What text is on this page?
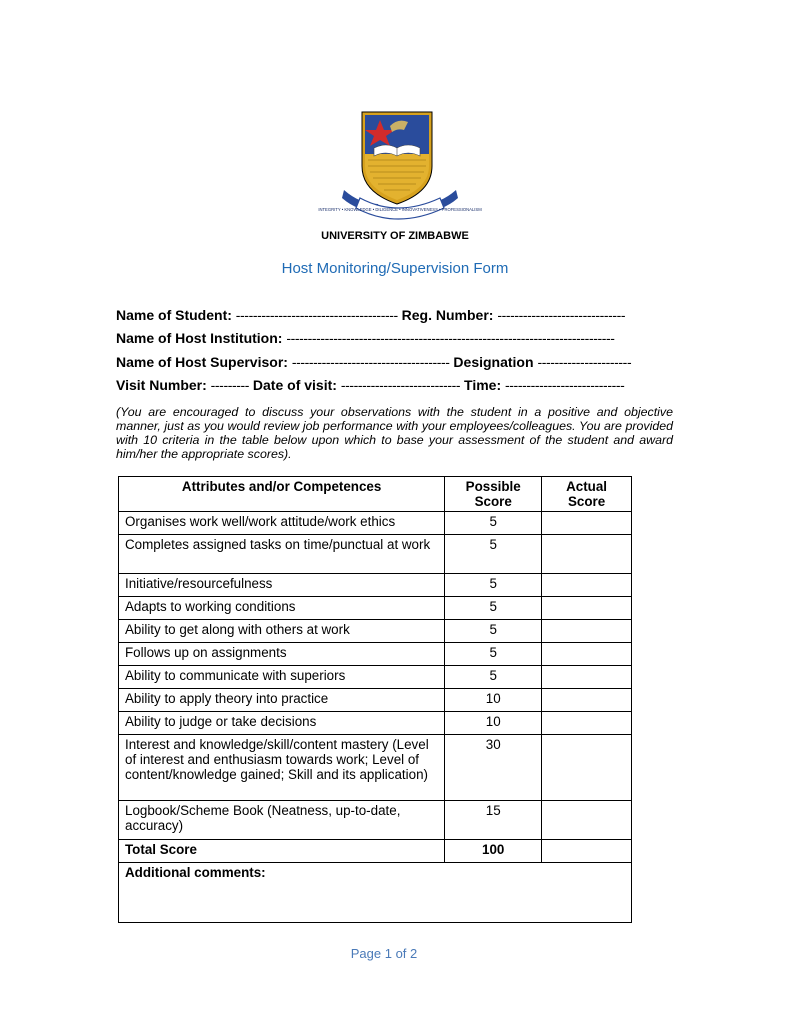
INTEGRITY • KNOWLEDGE • DILIGENCE • INNOVATIVENESS • PROFESSIONALISM
UNIVERSITY OF ZIMBABWE
Host Monitoring/Supervision Form
Name of Student: -------------------------------------- Reg. Number: ------------------------------
Name of Host Institution: -----------------------------------------------------------------------------
Name of Host Supervisor: ------------------------------------- Designation ----------------------
Visit Number: --------- Date of visit: ---------------------------- Time: ----------------------------
(You are encouraged to discuss your observations with the student in a positive and objective manner, just as you would review job performance with your employees/colleagues. You are provided with 10 criteria in the table below upon which to base your assessment of the student and award him/her the appropriate scores).
Attributes and/or Competences	Possible Score	Actual Score
Organises work well/work attitude/work ethics	5	
Completes assigned tasks on time/punctual at work	5	
Initiative/resourcefulness	5	
Adapts to working conditions	5	
Ability to get along with others at work	5	
Follows up on assignments	5	
Ability to communicate with superiors	5	
Ability to apply theory into practice	10	
Ability to judge or take decisions	10	
Interest and knowledge/skill/content mastery (Level of interest and enthusiasm towards work; Level of content/knowledge gained; Skill and its application)	30	
Logbook/Scheme Book (Neatness, up-to-date, accuracy)	15	
Total Score	100	
Additional comments:		
Page 1 of 2
